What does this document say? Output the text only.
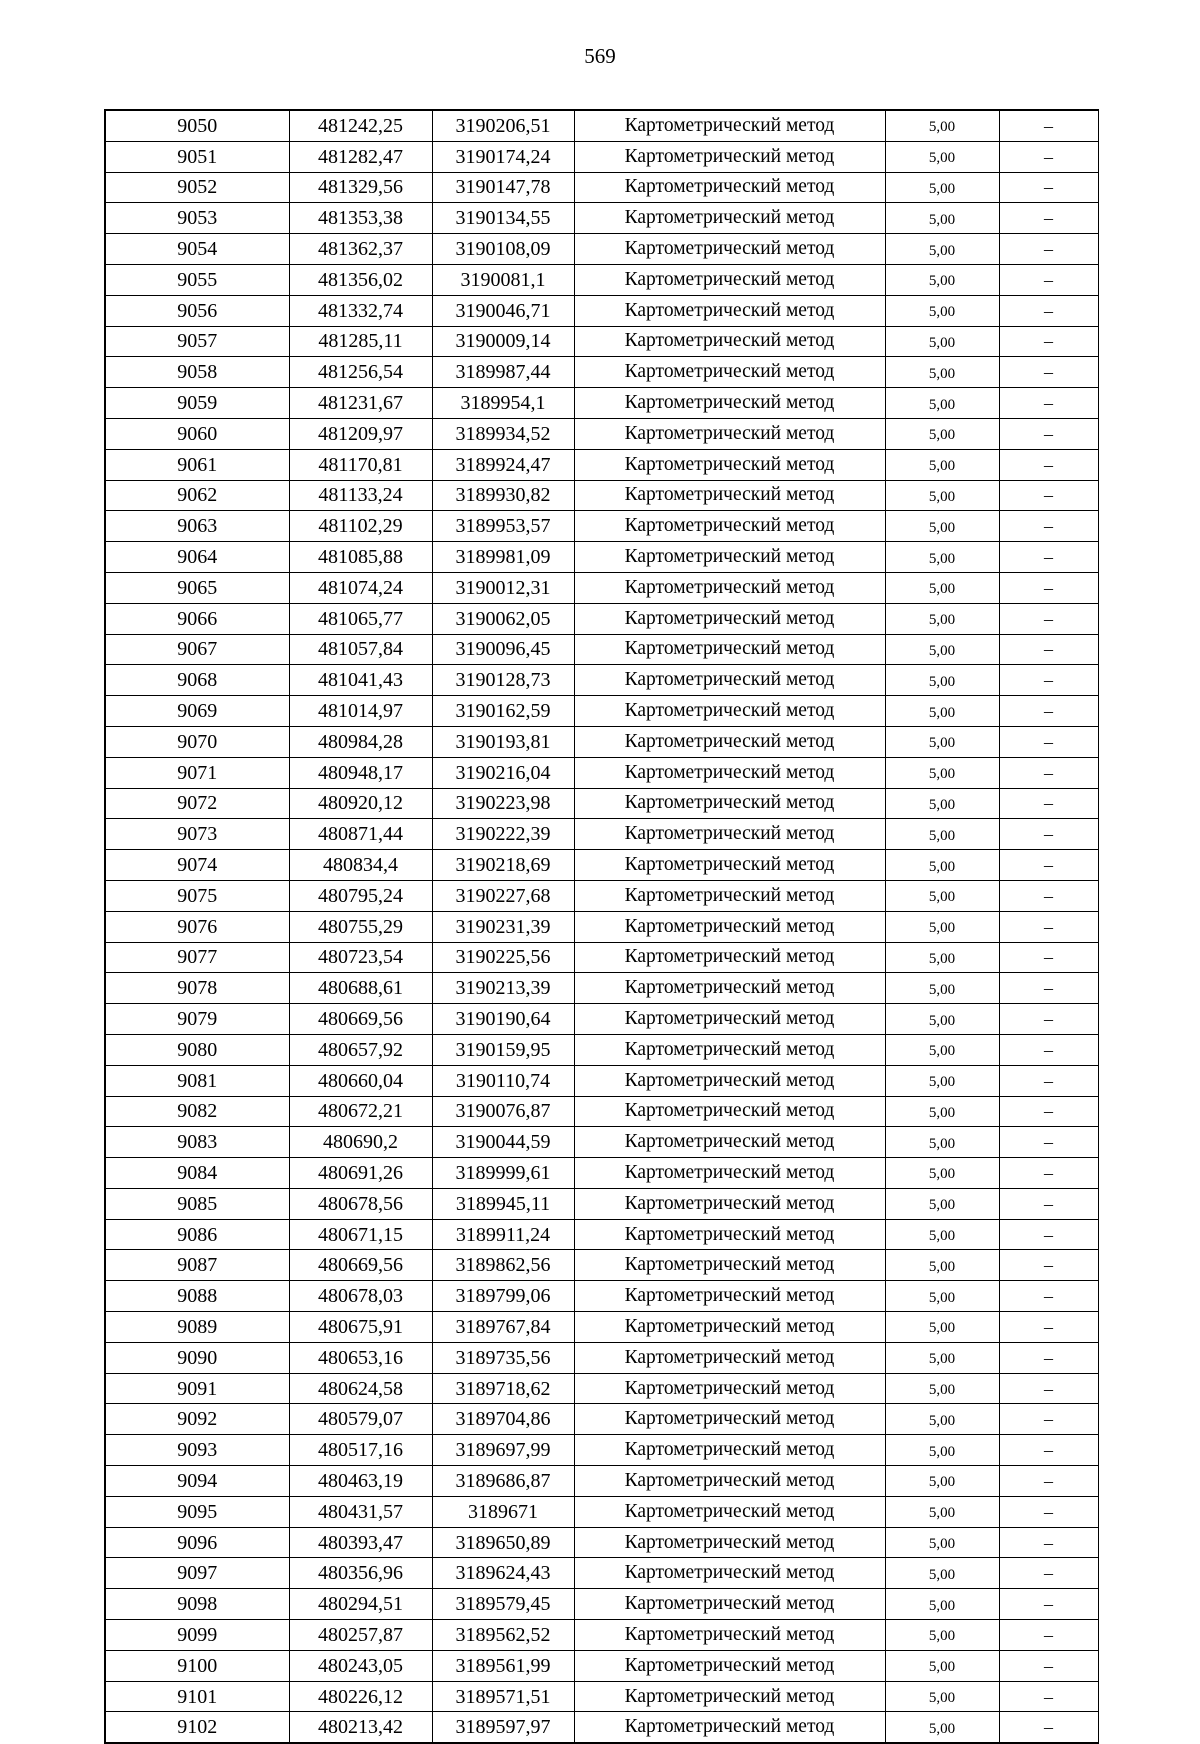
569
9050	481242,25	3190206,51	Картометрический метод	5,00	–
9051	481282,47	3190174,24	Картометрический метод	5,00	–
9052	481329,56	3190147,78	Картометрический метод	5,00	–
9053	481353,38	3190134,55	Картометрический метод	5,00	–
9054	481362,37	3190108,09	Картометрический метод	5,00	–
9055	481356,02	3190081,1	Картометрический метод	5,00	–
9056	481332,74	3190046,71	Картометрический метод	5,00	–
9057	481285,11	3190009,14	Картометрический метод	5,00	–
9058	481256,54	3189987,44	Картометрический метод	5,00	–
9059	481231,67	3189954,1	Картометрический метод	5,00	–
9060	481209,97	3189934,52	Картометрический метод	5,00	–
9061	481170,81	3189924,47	Картометрический метод	5,00	–
9062	481133,24	3189930,82	Картометрический метод	5,00	–
9063	481102,29	3189953,57	Картометрический метод	5,00	–
9064	481085,88	3189981,09	Картометрический метод	5,00	–
9065	481074,24	3190012,31	Картометрический метод	5,00	–
9066	481065,77	3190062,05	Картометрический метод	5,00	–
9067	481057,84	3190096,45	Картометрический метод	5,00	–
9068	481041,43	3190128,73	Картометрический метод	5,00	–
9069	481014,97	3190162,59	Картометрический метод	5,00	–
9070	480984,28	3190193,81	Картометрический метод	5,00	–
9071	480948,17	3190216,04	Картометрический метод	5,00	–
9072	480920,12	3190223,98	Картометрический метод	5,00	–
9073	480871,44	3190222,39	Картометрический метод	5,00	–
9074	480834,4	3190218,69	Картометрический метод	5,00	–
9075	480795,24	3190227,68	Картометрический метод	5,00	–
9076	480755,29	3190231,39	Картометрический метод	5,00	–
9077	480723,54	3190225,56	Картометрический метод	5,00	–
9078	480688,61	3190213,39	Картометрический метод	5,00	–
9079	480669,56	3190190,64	Картометрический метод	5,00	–
9080	480657,92	3190159,95	Картометрический метод	5,00	–
9081	480660,04	3190110,74	Картометрический метод	5,00	–
9082	480672,21	3190076,87	Картометрический метод	5,00	–
9083	480690,2	3190044,59	Картометрический метод	5,00	–
9084	480691,26	3189999,61	Картометрический метод	5,00	–
9085	480678,56	3189945,11	Картометрический метод	5,00	–
9086	480671,15	3189911,24	Картометрический метод	5,00	–
9087	480669,56	3189862,56	Картометрический метод	5,00	–
9088	480678,03	3189799,06	Картометрический метод	5,00	–
9089	480675,91	3189767,84	Картометрический метод	5,00	–
9090	480653,16	3189735,56	Картометрический метод	5,00	–
9091	480624,58	3189718,62	Картометрический метод	5,00	–
9092	480579,07	3189704,86	Картометрический метод	5,00	–
9093	480517,16	3189697,99	Картометрический метод	5,00	–
9094	480463,19	3189686,87	Картометрический метод	5,00	–
9095	480431,57	3189671	Картометрический метод	5,00	–
9096	480393,47	3189650,89	Картометрический метод	5,00	–
9097	480356,96	3189624,43	Картометрический метод	5,00	–
9098	480294,51	3189579,45	Картометрический метод	5,00	–
9099	480257,87	3189562,52	Картометрический метод	5,00	–
9100	480243,05	3189561,99	Картометрический метод	5,00	–
9101	480226,12	3189571,51	Картометрический метод	5,00	–
9102	480213,42	3189597,97	Картометрический метод	5,00	–
